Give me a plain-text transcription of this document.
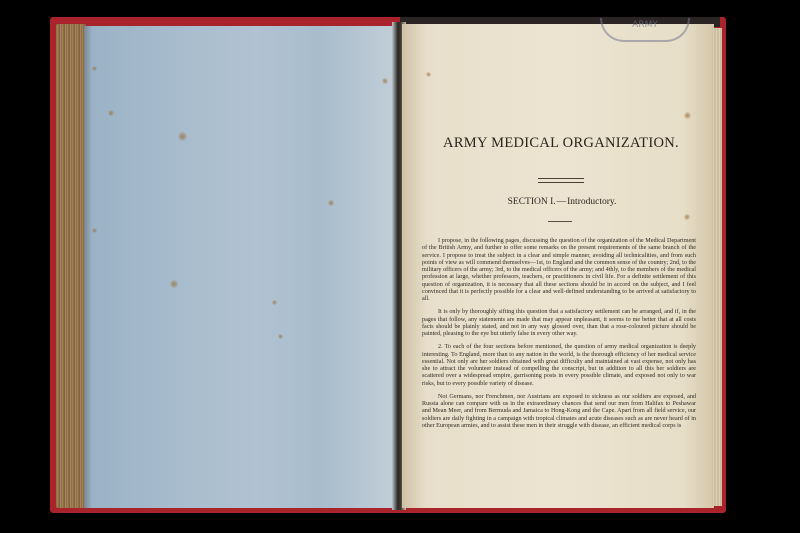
ARMY
ARMY MEDICAL ORGANIZATION.
SECTION I.—Introductory.

I propose, in the following pages, discussing the question of the organization of the Medical Department of the British Army, and further to offer some remarks on the present requirements of the same branch of the service. I propose to treat the subject in a clear and simple manner, avoiding all technicalities, and from such points of view as will commend themselves—1st, to England and the common sense of the country; 2nd, to the military officers of the army; 3rd, to the medical officers of the army; and 4thly, to the members of the medical profession at large, whether professors, teachers, or practitioners in civil life. For a definite settlement of this question of organization, it is necessary that all these sections should be in accord on the subject, and I feel convinced that it is perfectly possible for a clear and well-defined understanding to be arrived at satisfactory to all.

It is only by thoroughly sifting this question that a satisfactory settlement can be arranged, and if, in the pages that follow, any statements are made that may appear unpleasant, it seems to me better that at all costs facts should be plainly stated, and not in any way glossed over, than that a rose-coloured picture should be painted, pleasing to the eye but utterly false in every other way.

2. To each of the four sections before mentioned, the question of army medical organization is deeply interesting. To England, more than to any nation in the world, is the thorough efficiency of her medical service essential. Not only are her soldiers obtained with great difficulty and maintained at vast expense, not only has she to attract the volunteer instead of compelling the conscript, but in addition to all this her soldiers are scattered over a widespread empire, garrisoning posts in every possible climate, and exposed not only to war risks, but to every possible variety of disease.

Not Germans, nor Frenchmen, nor Austrians are exposed to sickness as our soldiers are exposed, and Russia alone can compare with us in the extraordinary chances that send our men from Halifax to Peshawar and Mean Meer, and from Bermuda and Jamaica to Hong-Kong and the Cape. Apart from all field service, our soldiers are daily fighting in a campaign with tropical climates and acute diseases such as are never heard of in other European armies, and to assist these men in their struggle with disease, an efficient medical corps is
